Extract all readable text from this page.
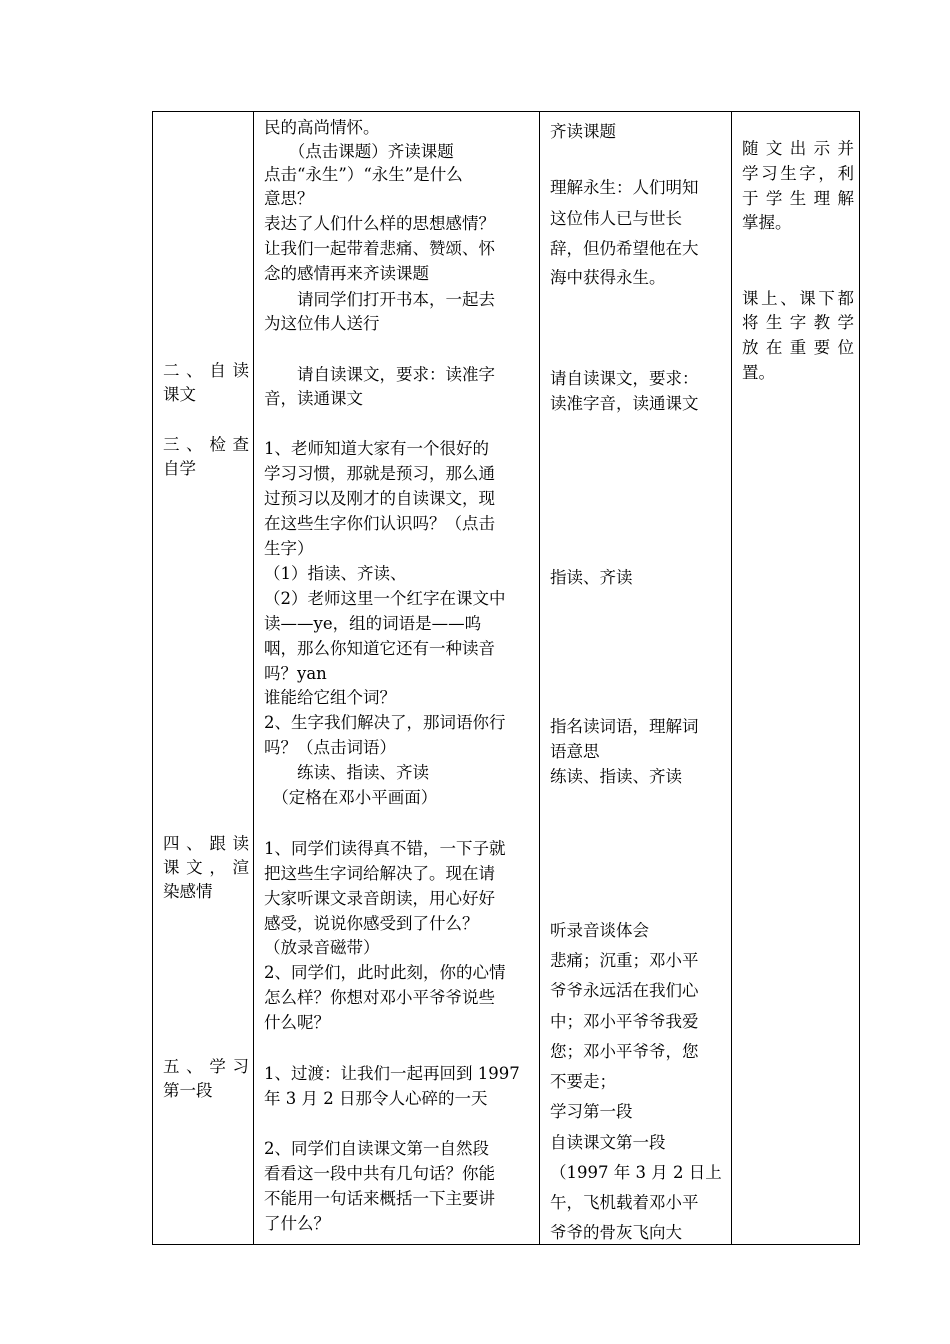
二、自读

课文

三、检查

自学

四、跟读

课文，渲

染感情

五、学习

第一段

民的高尚情怀。
　　（点击课题）齐读课题
点击“永生”）“永生”是什么
意思？
表达了人们什么样的思想感情？
让我们一起带着悲痛、赞颂、怀
念的感情再来齐读课题
　　请同学们打开书本，一起去
为这位伟人送行
　　请自读课文，要求：读准字
音，读通课文
1、老师知道大家有一个很好的
学习习惯，那就是预习，那么通
过预习以及刚才的自读课文，现
在这些生字你们认识吗？（点击
生字）
（1）指读、齐读、
（2）老师这里一个红字在课文中
读——ye，组的词语是——呜
咽，那么你知道它还有一种读音
吗？yan
谁能给它组个词？
2、生字我们解决了，那词语你行
吗？（点击词语）
　　练读、指读、齐读
　（定格在邓小平画面）
1、同学们读得真不错，一下子就
把这些生字词给解决了。现在请
大家听课文录音朗读，用心好好
感受，说说你感受到了什么？
（放录音磁带）
2、同学们，此时此刻，你的心情
怎么样？你想对邓小平爷爷说些
什么呢？
1、过渡：让我们一起再回到 1997
年 3 月 2 日那令人心碎的一天
2、同学们自读课文第一自然段
看看这一段中共有几句话？你能
不能用一句话来概括一下主要讲
了什么？
齐读课题
理解永生：人们明知
这位伟人已与世长
辞，但仍希望他在大
海中获得永生。
请自读课文，要求：
读准字音，读通课文
指读、齐读
指名读词语，理解词
语意思
练读、指读、齐读
听录音谈体会
悲痛；沉重；邓小平
爷爷永远活在我们心
中；邓小平爷爷我爱
您；邓小平爷爷，您
不要走；
学习第一段
自读课文第一段
（1997 年 3 月 2 日上
午，飞机载着邓小平
爷爷的骨灰飞向大
随文出示并
学习生字，利
于学生理解
掌握。
课上、课下都
将生字教学
放在重要位
置。
